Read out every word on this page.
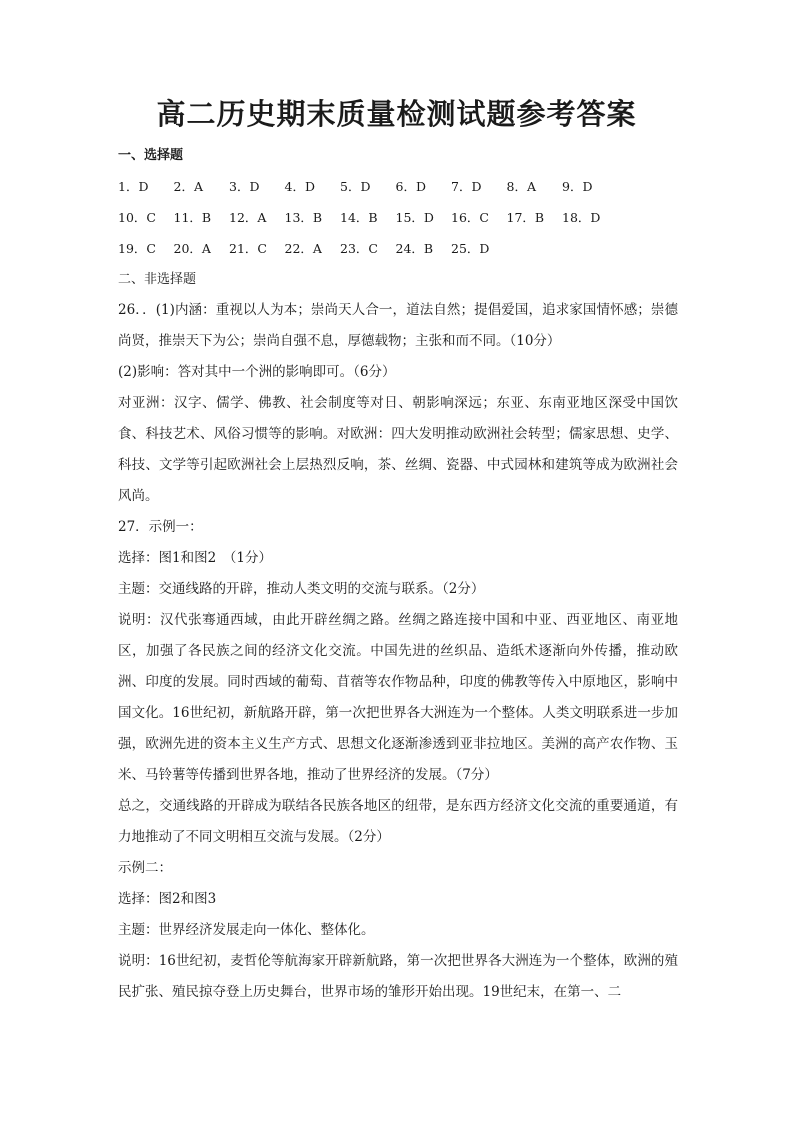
高二历史期末质量检测试题参考答案
一、选择题
1．D	2．A	3．D	4．D	5．D	6．D	7．D	8．A	9．D
10．C	11．B	12．A	13．B	14．B	15．D	16．C	17．B	18．D
19．C	20．A	21．C	22．A	23．C	24．B	25．D
二、非选择题
26．．(1)内涵：重视以人为本；崇尚天人合一，道法自然；提倡爱国，追求家国情怀感；崇德尚贤，推崇天下为公；崇尚自强不息，厚德载物；主张和而不同。（10分）
(2)影响：答对其中一个洲的影响即可。（6分）
对亚洲：汉字、儒学、佛教、社会制度等对日、朝影响深远；东亚、东南亚地区深受中国饮食、科技艺术、风俗习惯等的影响。对欧洲：四大发明推动欧洲社会转型；儒家思想、史学、科技、文学等引起欧洲社会上层热烈反响，茶、丝绸、瓷器、中式园林和建筑等成为欧洲社会风尚。
27．示例一：
选择：图1和图2　（1分）
主题：交通线路的开辟，推动人类文明的交流与联系。（2分）
说明：汉代张骞通西域，由此开辟丝绸之路。丝绸之路连接中国和中亚、西亚地区、南亚地区，加强了各民族之间的经济文化交流。中国先进的丝织品、造纸术逐渐向外传播，推动欧洲、印度的发展。同时西域的葡萄、苜蓿等农作物品种，印度的佛教等传入中原地区，影响中国文化。16世纪初，新航路开辟，第一次把世界各大洲连为一个整体。人类文明联系进一步加强，欧洲先进的资本主义生产方式、思想文化逐渐渗透到亚非拉地区。美洲的高产农作物、玉米、马铃薯等传播到世界各地，推动了世界经济的发展。（7分）
总之，交通线路的开辟成为联结各民族各地区的纽带，是东西方经济文化交流的重要通道，有力地推动了不同文明相互交流与发展。（2分）
示例二：
选择：图2和图3
主题：世界经济发展走向一体化、整体化。
说明：16世纪初，麦哲伦等航海家开辟新航路，第一次把世界各大洲连为一个整体，欧洲的殖民扩张、殖民掠夺登上历史舞台，世界市场的雏形开始出现。19世纪末，在第一、二
